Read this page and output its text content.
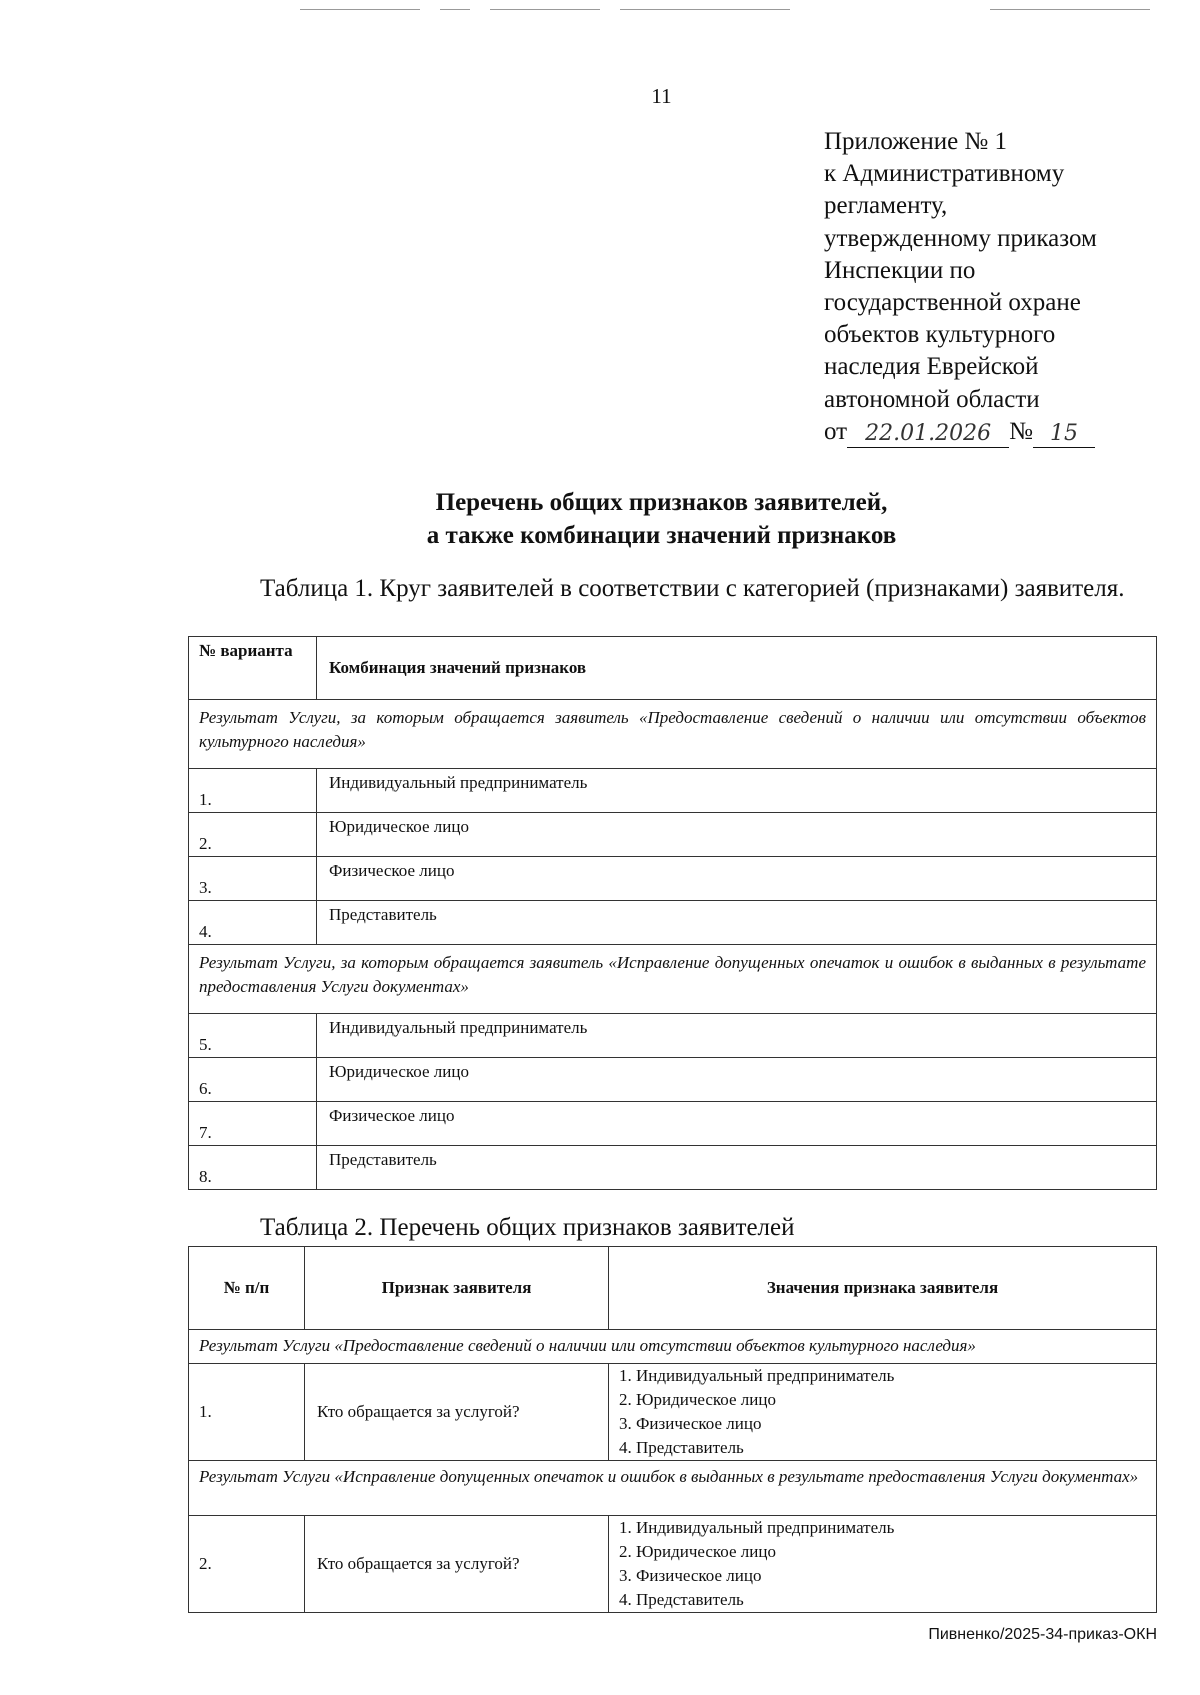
11
Приложение № 1
к Административному
регламенту,
утвержденному приказом
Инспекции по
государственной охране
объектов культурного
наследия Еврейской
автономной области
от 22.01.2026 № 15
Перечень общих признаков заявителей,
а также комбинации значений признаков
Таблица 1. Круг заявителей в соответствии с категорией (признаками) заявителя.
№ варианта	Комбинация значений признаков
Результат Услуги, за которым обращается заявитель «Предоставление сведений о наличии или отсутствии объектов культурного наследия»	
1.	Индивидуальный предприниматель
2.	Юридическое лицо
3.	Физическое лицо
4.	Представитель
Результат Услуги, за которым обращается заявитель «Исправление допущенных опечаток и ошибок в выданных в результате предоставления Услуги документах»	
5.	Индивидуальный предприниматель
6.	Юридическое лицо
7.	Физическое лицо
8.	Представитель
Таблица 2. Перечень общих признаков заявителей
№ п/п	Признак заявителя	Значения признака заявителя
Результат Услуги «Предоставление сведений о наличии или отсутствии объектов культурного наследия»		
1.	Кто обращается за услугой?	1. Индивидуальный предприниматель
2. Юридическое лицо
3. Физическое лицо
4. Представитель

Результат Услуги «Исправление допущенных опечаток и ошибок в выданных в результате предоставления Услуги документах»		
2.	Кто обращается за услугой?	1. Индивидуальный предприниматель
2. Юридическое лицо
3. Физическое лицо
4. Представитель
Пивненко/2025-34-приказ-ОКН
